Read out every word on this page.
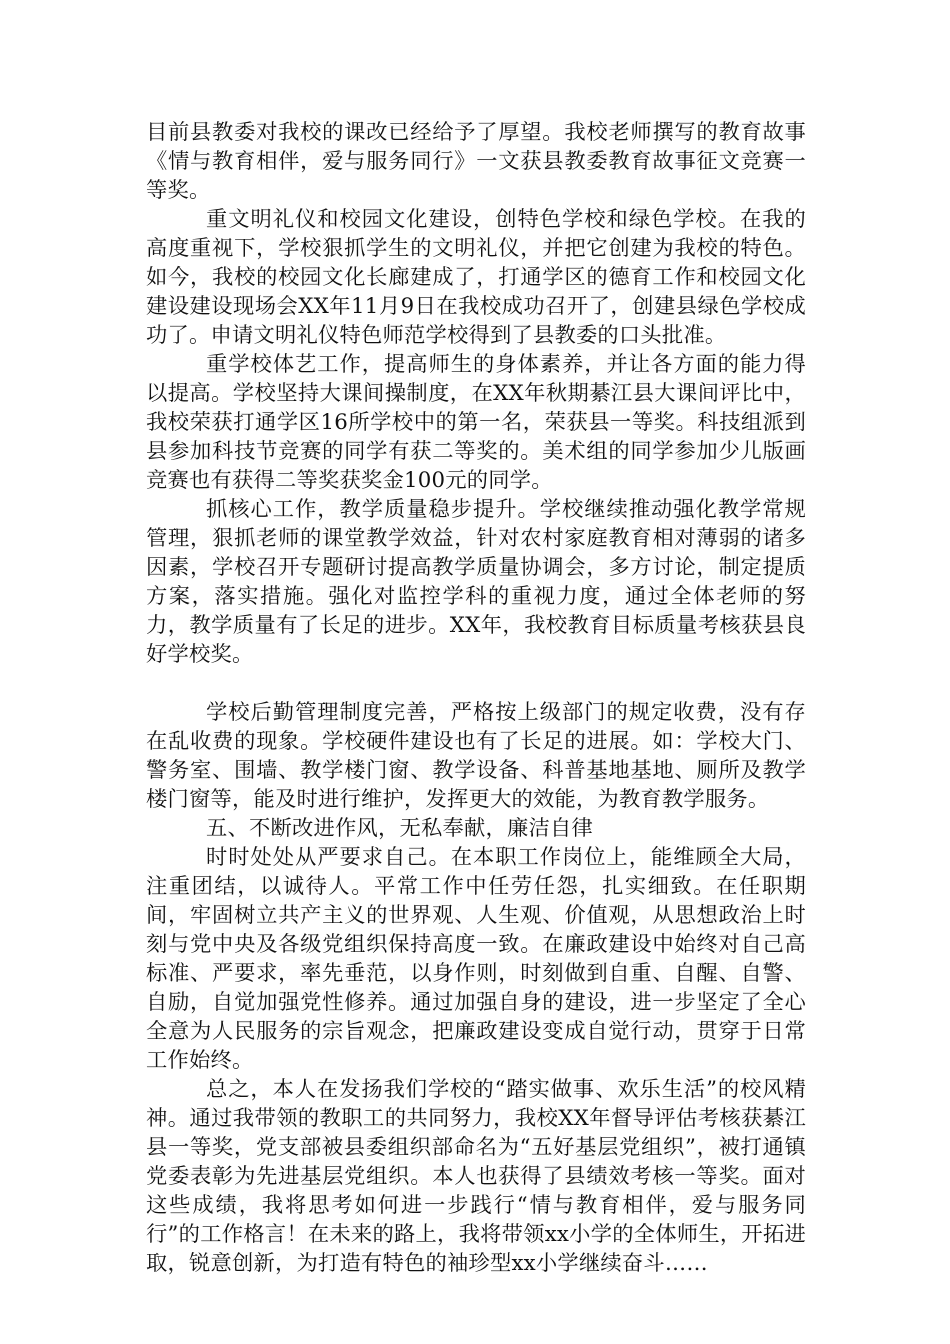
目前县教委对我校的课改已经给予了厚望。我校老师撰写的教育故事《情与教育相伴，爱与服务同行》一文获县教委教育故事征文竞赛一等奖。

重文明礼仪和校园文化建设，创特色学校和绿色学校。在我的高度重视下，学校狠抓学生的文明礼仪，并把它创建为我校的特色。如今，我校的校园文化长廊建成了，打通学区的德育工作和校园文化建设建设现场会XX年11月9日在我校成功召开了，创建县绿色学校成功了。申请文明礼仪特色师范学校得到了县教委的口头批准。

重学校体艺工作，提高师生的身体素养，并让各方面的能力得以提高。学校坚持大课间操制度，在XX年秋期綦江县大课间评比中，我校荣获打通学区16所学校中的第一名，荣获县一等奖。科技组派到县参加科技节竞赛的同学有获二等奖的。美术组的同学参加少儿版画竞赛也有获得二等奖获奖金100元的同学。

抓核心工作，教学质量稳步提升。学校继续推动强化教学常规管理，狠抓老师的课堂教学效益，针对农村家庭教育相对薄弱的诸多因素，学校召开专题研讨提高教学质量协调会，多方讨论，制定提质方案，落实措施。强化对监控学科的重视力度，通过全体老师的努力，教学质量有了长足的进步。XX年，我校教育目标质量考核获县良好学校奖。

学校后勤管理制度完善，严格按上级部门的规定收费，没有存在乱收费的现象。学校硬件建设也有了长足的进展。如：学校大门、警务室、围墙、教学楼门窗、教学设备、科普基地基地、厕所及教学楼门窗等，能及时进行维护，发挥更大的效能，为教育教学服务。

五、不断改进作风，无私奉献，廉洁自律

时时处处从严要求自己。在本职工作岗位上，能维顾全大局，注重团结，以诚待人。平常工作中任劳任怨，扎实细致。在任职期间，牢固树立共产主义的世界观、人生观、价值观，从思想政治上时刻与党中央及各级党组织保持高度一致。在廉政建设中始终对自己高标准、严要求，率先垂范，以身作则，时刻做到自重、自醒、自警、自励，自觉加强党性修养。通过加强自身的建设，进一步坚定了全心全意为人民服务的宗旨观念，把廉政建设变成自觉行动，贯穿于日常工作始终。

总之，本人在发扬我们学校的“踏实做事、欢乐生活”的校风精神。通过我带领的教职工的共同努力，我校XX年督导评估考核获綦江县一等奖，党支部被县委组织部命名为“五好基层党组织”，被打通镇党委表彰为先进基层党组织。本人也获得了县绩效考核一等奖。面对这些成绩，我将思考如何进一步践行“情与教育相伴，爱与服务同行”的工作格言！在未来的路上，我将带领xx小学的全体师生，开拓进取，锐意创新，为打造有特色的袖珍型xx小学继续奋斗……
